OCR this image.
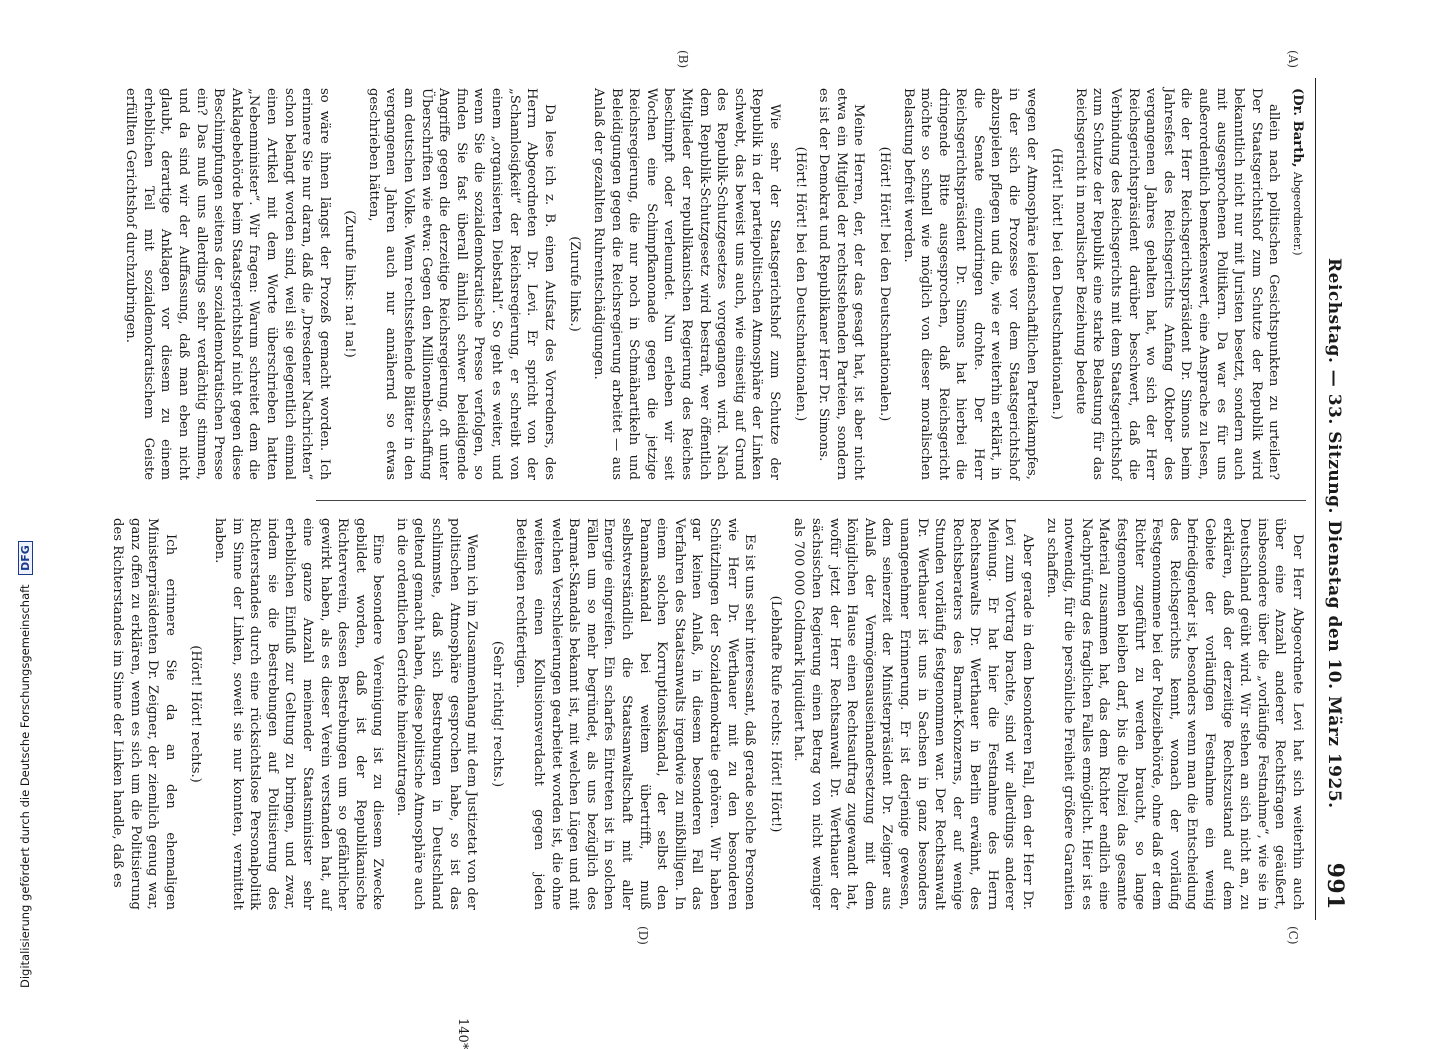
Digitalisierung gefördert durch die Deutsche Forschungsgemeinschaft DFG	Reichstag. — 33. Sitzung. Dienstag den 10. März 1925.
991
(A)
(B)
(C)
(D)

(Dr. Barth, Abgeordneter.)

allein nach politischen Gesichtspunkten zu urteilen? Der Staatsgerichtshof zum Schutze der Republik wird bekanntlich nicht nur mit Juristen besetzt, sondern auch mit ausgesprochenen Politikern. Da war es für uns außerordentlich bemerkenswert, eine Ansprache zu lesen, die der Herr Reichsgerichtspräsident Dr. Simons beim Jahresfest des Reichsgerichts Anfang Oktober des vergangenen Jahres gehalten hat, wo sich der Herr Reichsgerichtspräsident darüber beschwert, daß die Verbindung des Reichsgerichts mit dem Staatsgerichtshof zum Schutze der Republik eine starke Belastung für das Reichsgericht in moralischer Beziehung bedeute

(Hört! hört! bei den Deutschnationalen.)

wegen der Atmosphäre leidenschaftlichen Parteikampfes, in der sich die Prozesse vor dem Staatsgerichtshof abzuspielen pflegen und die, wie er weiterhin erklärt, in die Senate einzudringen drohte. Der Herr Reichsgerichtspräsident Dr. Simons hat hierbei die dringende Bitte ausgesprochen, daß Reichsgericht möchte so schnell wie möglich von dieser moralischen Belastung befreit werden.

(Hört! Hört! bei den Deutschnationalen.)

Meine Herren, der, der das gesagt hat, ist aber nicht etwa ein Mitglied der rechtsstehenden Parteien, sondern es ist der Demokrat und Republikaner Herr Dr. Simons.

(Hört! Hört! bei den Deutschnationalen.)

Wie sehr der Staatsgerichtshof zum Schutze der Republik in der parteipolitischen Atmosphäre der Linken schwebt, das beweist uns auch, wie einseitig auf Grund des Republik-Schutzgesetzes vorgegangen wird. Nach dem Republik-Schutzgesetz wird bestraft, wer öffentlich Mitglieder der republikanischen Regierung des Reiches beschimpft oder verleumdet. Nun erleben wir seit Wochen eine Schimpfkanonade gegen die jetzige Reichsregierung, die nur noch in Schmähartikeln und Beleidigungen gegen die Reichsregierung arbeitet — aus Anlaß der gezahlten Ruhrentschädigungen.

(Zurufe links.)

Da lese ich z. B. einen Aufsatz des Vorredners, des Herrn Abgeordneten Dr. Levi. Er spricht von der „Schamlosigkeit“ der Reichsregierung, er schreibt von einem „organisierten Diebstahl“. So geht es weiter, und wenn Sie die sozialdemokratische Presse verfolgen, so finden Sie fast überall ähnlich schwer beleidigende Angriffe gegen die derzeitige Reichsregierung, oft unter Überschriften wie etwa: Gegen den Millionenbeschaffung am deutschen Volke. Wenn rechtsstehende Blätter in den vergangenen Jahren auch nur annähernd so etwas geschrieben hätten,

(Zurufe links: na! na!)

so wäre ihnen längst der Prozeß gemacht worden. Ich erinnere Sie nur daran, daß die „Dresdener Nachrichten“ schon belangt worden sind, weil sie gelegentlich einmal einen Artikel mit dem Worte überschrieben hatten „Nebenminister“. Wir fragen: Warum schreitet dem die Anklagebehörde beim Staatsgerichtshof nicht gegen diese Beschimpfungen seitens der sozialdemokratischen Presse ein? Das muß uns allerdings sehr verdächtig stimmen, und da sind wir der Auffassung, daß man eben nicht glaubt, derartige Anklagen vor diesem zu einem erheblichen Teil mit sozialdemokratischem Geiste erfüllten Gerichtshof durchzubringen.

Der Herr Abgeordnete Levi hat sich weiterhin auch über eine Anzahl anderer Rechtsfragen geäußert, insbesondere über die „vorläufige Festnahme“, wie sie in Deutschland geübt wird. Wir stehen an sich nicht an, zu erklären, daß der derzeitige Rechtszustand auf dem Gebiete der vorläufigen Festnahme ein wenig befriedigender ist, besonders wenn man die Entscheidung des Reichsgerichts kennt, wonach der vorläufig Festgenommene bei der Polizeibehörde, ohne daß er dem Richter zugeführt zu werden braucht, so lange festgenommen bleiben darf, bis die Polizei das gesamte Material zusammen hat, das dem Richter endlich eine Nachprüfung des fraglichen Falles ermöglicht. Hier ist es notwendig, für die persönliche Freiheit größere Garantien zu schaffen.

Aber gerade in dem besonderen Fall, den der Herr Dr. Levi zum Vortrag brachte, sind wir allerdings anderer Meinung. Er hat hier die Festnahme des Herrn Rechtsanwalts Dr. Werthauer in Berlin erwähnt, des Rechtsberaters des Barmat-Konzerns, der auf wenige Stunden vorläufig festgenommen war. Der Rechtsanwalt Dr. Werthauer ist uns in Sachsen in ganz besonders unangenehmer Erinnerung. Er ist derjenige gewesen, dem seinerzeit der Ministerpräsident Dr. Zeigner aus Anlaß der Vermögensauseinandersetzung mit dem königlichen Hause einen Rechtsauftrag zugewandt hat, wofür jetzt der Herr Rechtsanwalt Dr. Werthauer der sächsischen Regierung einen Betrag von nicht weniger als 700 000 Goldmark liquidiert hat.

(Lebhafte Rufe rechts: Hört! Hört!)

Es ist uns sehr interessant, daß gerade solche Personen wie Herr Dr. Werthauer mit zu den besonderen Schützlingen der Sozialdemokratie gehören. Wir haben gar keinen Anlaß, in diesem besonderen Fall das Verfahren des Staatsanwalts irgendwie zu mißbilligen. In einem solchen Korruptionsskandal, der selbst den Panamaskandal bei weitem übertrifft, muß selbstverständlich die Staatsanwaltschaft mit aller Energie eingreifen. Ein scharfes Eintreten ist in solchen Fällen um so mehr begründet, als uns bezüglich des Barmat-Skandals bekannt ist, mit welchen Lügen und mit welchen Verschleierungen gearbeitet worden ist, die ohne weiteres einen Kollusionsverdacht gegen jeden Beteiligten rechtfertigen.

(Sehr richtig! rechts.)

Wenn ich im Zusammenhang mit dem Justizetat von der politischen Atmosphäre gesprochen habe, so ist das schlimmste, daß sich Bestrebungen in Deutschland geltend gemacht haben, diese politische Atmosphäre auch in die ordentlichen Gerichte hineinzutragen.

Eine besondere Vereinigung ist zu diesem Zwecke gebildet worden, daß ist der Republikanische Richterverein, dessen Bestrebungen um so gefährlicher gewirkt haben, als es dieser Verein verstanden hat, auf eine ganze Anzahl meinender Staatsminister sehr erheblichen Einfluß zur Geltung zu bringen, und zwar, indem sie die Bestrebungen auf Politisierung des Richterstandes durch eine rücksichtslose Personalpolitik im Sinne der Linken, soweit sie nur konnten, vermittelt haben.

(Hört! Hört! rechts.)

Ich erinnere Sie da an den ehemaligen Ministerpräsidenten Dr. Zeigner, der ziemlich genug war, ganz offen zu erklären, wenn es sich um die Politisierung des Richterstandes im Sinne der Linken handle, daß es

140*
